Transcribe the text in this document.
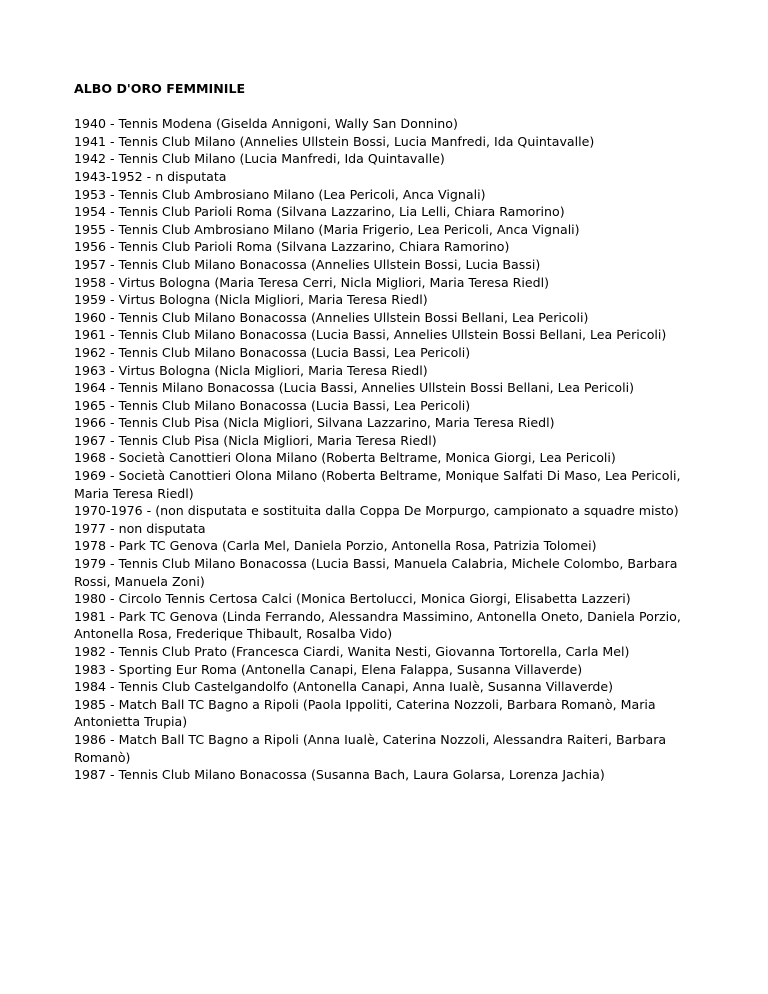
ALBO D'ORO FEMMINILE

1940 - Tennis Modena (Giselda Annigoni, Wally San Donnino)

1941 - Tennis Club Milano (Annelies Ullstein Bossi, Lucia Manfredi, Ida Quintavalle)

1942 - Tennis Club Milano (Lucia Manfredi, Ida Quintavalle)

1943-1952 - n disputata

1953 - Tennis Club Ambrosiano Milano (Lea Pericoli, Anca Vignali)

1954 - Tennis Club Parioli Roma (Silvana Lazzarino, Lia Lelli, Chiara Ramorino)

1955 - Tennis Club Ambrosiano Milano (Maria Frigerio, Lea Pericoli, Anca Vignali)

1956 - Tennis Club Parioli Roma (Silvana Lazzarino, Chiara Ramorino)

1957 - Tennis Club Milano Bonacossa (Annelies Ullstein Bossi, Lucia Bassi)

1958 - Virtus Bologna (Maria Teresa Cerri, Nicla Migliori, Maria Teresa Riedl)

1959 - Virtus Bologna (Nicla Migliori, Maria Teresa Riedl)

1960 - Tennis Club Milano Bonacossa (Annelies Ullstein Bossi Bellani, Lea Pericoli)

1961 - Tennis Club Milano Bonacossa (Lucia Bassi, Annelies Ullstein Bossi Bellani, Lea Pericoli)

1962 - Tennis Club Milano Bonacossa (Lucia Bassi, Lea Pericoli)

1963 - Virtus Bologna (Nicla Migliori, Maria Teresa Riedl)

1964 - Tennis Milano Bonacossa (Lucia Bassi, Annelies Ullstein Bossi Bellani, Lea Pericoli)

1965 - Tennis Club Milano Bonacossa (Lucia Bassi, Lea Pericoli)

1966 - Tennis Club Pisa (Nicla Migliori, Silvana Lazzarino, Maria Teresa Riedl)

1967 - Tennis Club Pisa (Nicla Migliori, Maria Teresa Riedl)

1968 - Società Canottieri Olona Milano (Roberta Beltrame, Monica Giorgi, Lea Pericoli)

1969 - Società Canottieri Olona Milano (Roberta Beltrame, Monique Salfati Di Maso, Lea Pericoli, Maria Teresa Riedl)

1970-1976 - (non disputata e sostituita dalla Coppa De Morpurgo, campionato a squadre misto)

1977 - non disputata

1978 - Park TC Genova (Carla Mel, Daniela Porzio, Antonella Rosa, Patrizia Tolomei)

1979 - Tennis Club Milano Bonacossa (Lucia Bassi, Manuela Calabria, Michele Colombo, Barbara Rossi, Manuela Zoni)

1980 - Circolo Tennis Certosa Calci (Monica Bertolucci, Monica Giorgi, Elisabetta Lazzeri)

1981 - Park TC Genova (Linda Ferrando, Alessandra Massimino, Antonella Oneto, Daniela Porzio, Antonella Rosa, Frederique Thibault, Rosalba Vido)

1982 - Tennis Club Prato (Francesca Ciardi, Wanita Nesti, Giovanna Tortorella, Carla Mel)

1983 - Sporting Eur Roma (Antonella Canapi, Elena Falappa, Susanna Villaverde)

1984 - Tennis Club Castelgandolfo (Antonella Canapi, Anna Iualè, Susanna Villaverde)

1985 - Match Ball TC Bagno a Ripoli (Paola Ippoliti, Caterina Nozzoli, Barbara Romanò, Maria Antonietta Trupia)

1986 - Match Ball TC Bagno a Ripoli (Anna Iualè, Caterina Nozzoli, Alessandra Raiteri, Barbara Romanò)

1987 - Tennis Club Milano Bonacossa (Susanna Bach, Laura Golarsa, Lorenza Jachia)
